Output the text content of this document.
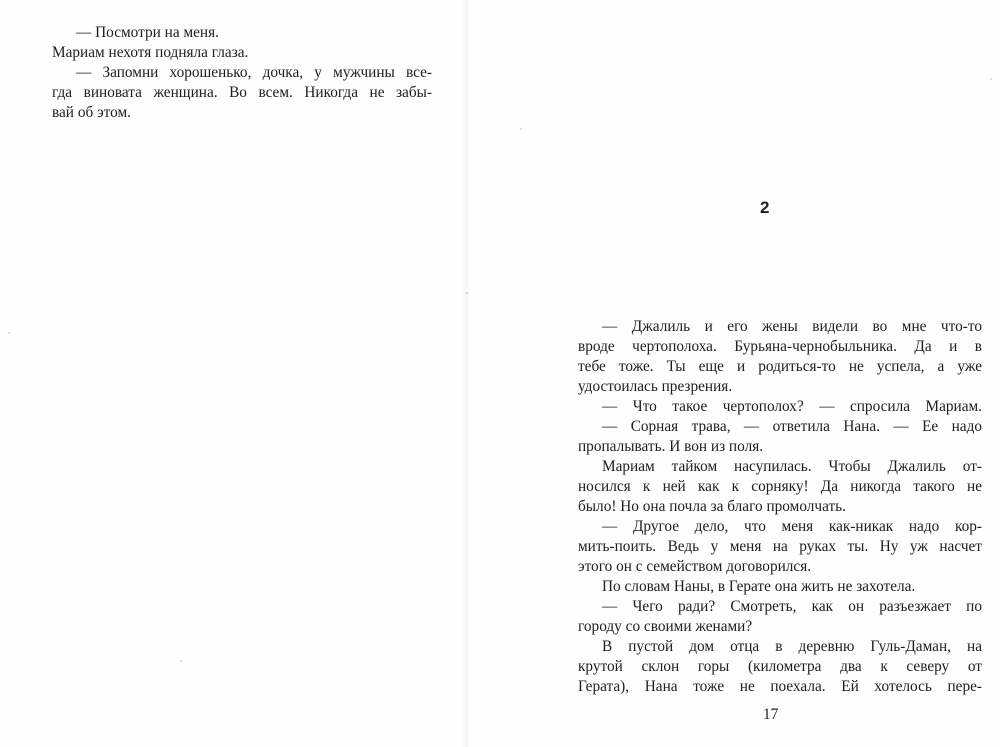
— Посмотри на меня.
Мариам нехотя подняла глаза.
— Запомни хорошенько, дочка, у мужчины все-
гда виновата женщина. Во всем. Никогда не забы-
вай об этом.
2
— Джалиль и его жены видели во мне что-то
вроде чертополоха. Бурьяна-чернобыльника. Да и в
тебе тоже. Ты еще и родиться-то не успела, а уже
удостоилась презрения.
— Что такое чертополох? — спросила Мариам.
— Сорная трава, — ответила Нана. — Ее надо
пропалывать. И вон из поля.
Мариам тайком насупилась. Чтобы Джалиль от-
носился к ней как к сорняку! Да никогда такого не
было! Но она почла за благо промолчать.
— Другое дело, что меня как-никак надо кор-
мить-поить. Ведь у меня на руках ты. Ну уж насчет
этого он с семейством договорился.
По словам Наны, в Герате она жить не захотела.
— Чего ради? Смотреть, как он разъезжает по
городу со своими женами?
В пустой дом отца в деревню Гуль-Даман, на
крутой склон горы (километра два к северу от
Герата), Нана тоже не поехала. Ей хотелось пере-
17
